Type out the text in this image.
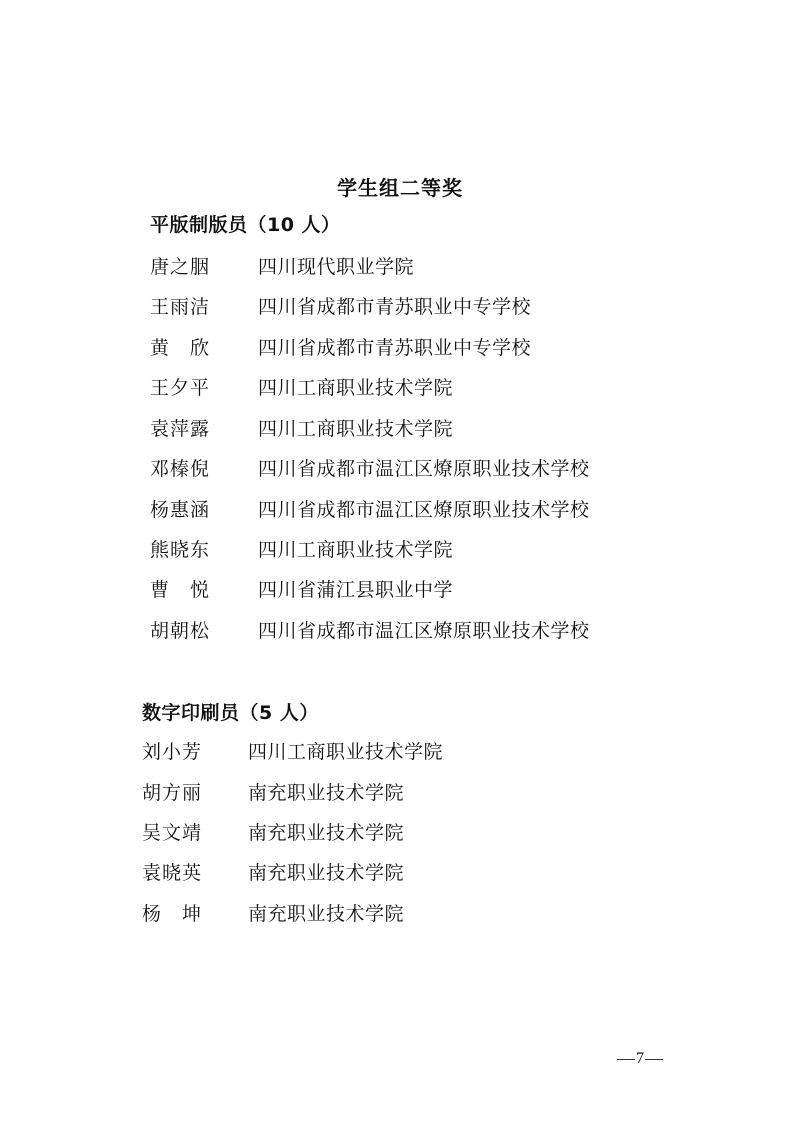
学生组二等奖
平版制版员（10 人）
唐之胭	四川现代职业学院
王雨洁	四川省成都市青苏职业中专学校
黄　欣	四川省成都市青苏职业中专学校
王夕平	四川工商职业技术学院
袁萍露	四川工商职业技术学院
邓榛倪	四川省成都市温江区燎原职业技术学校
杨惠涵	四川省成都市温江区燎原职业技术学校
熊晓东	四川工商职业技术学院
曹　悦	四川省蒲江县职业中学
胡朝松	四川省成都市温江区燎原职业技术学校
数字印刷员（5 人）
刘小芳 四川工商职业技术学院
胡方丽 南充职业技术学院
吴文靖 南充职业技术学院
袁晓英 南充职业技术学院
杨　坤 南充职业技术学院
7
